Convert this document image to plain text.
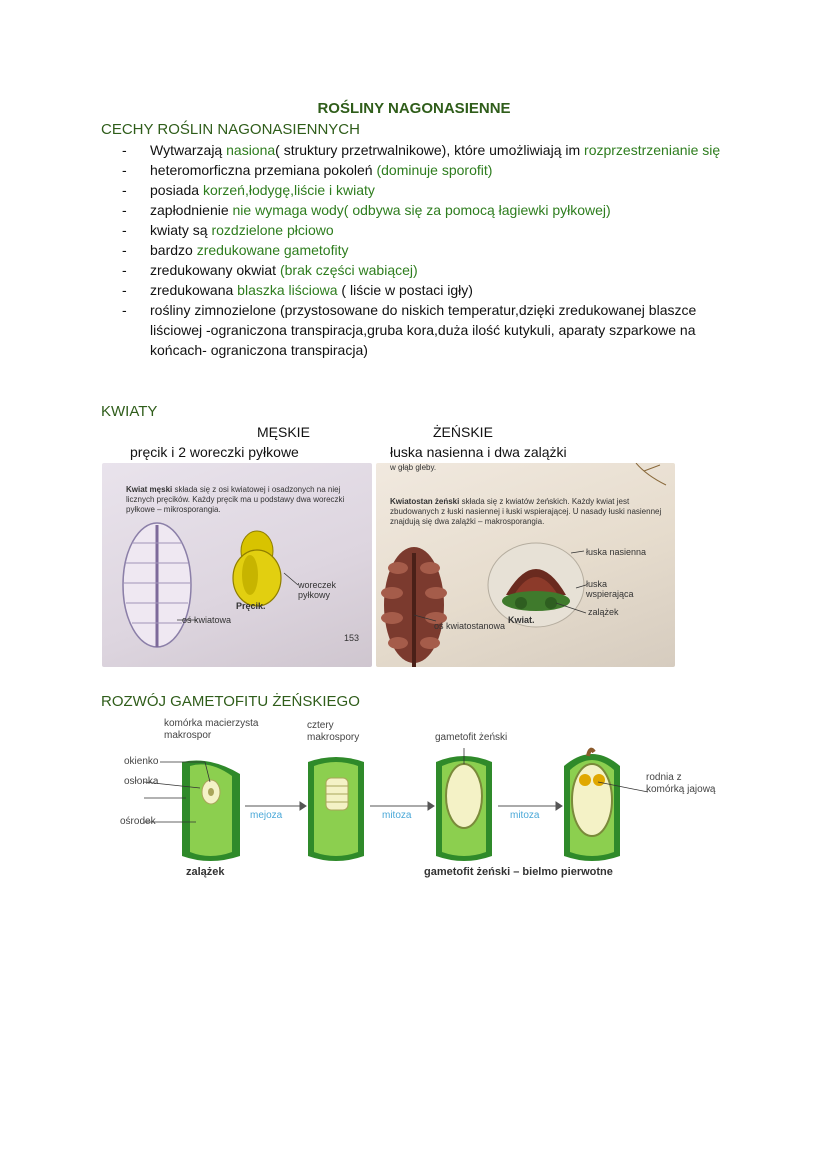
ROŚLINY NAGONASIENNE
CECHY ROŚLIN NAGONASIENNYCH
- Wytwarzają nasiona( struktury przetrwalnikowe), które umożliwiają im rozprzestrzenianie się
- heteromorficzna przemiana pokoleń (dominuje sporofit)
- posiada korzeń,łodygę,liście i kwiaty
- zapłodnienie nie wymaga wody( odbywa się za pomocą łagiewki pyłkowej)
- kwiaty są rozdzielone płciowo
- bardzo zredukowane gametofity
- zredukowany okwiat (brak części wabiącej)
- zredukowana blaszka liściowa ( liście w postaci igły)
- rośliny zimnozielone (przystosowane do niskich temperatur,dzięki zredukowanej blaszce liściowej -ograniczona transpiracja,gruba kora,duża ilość kutykuli, aparaty szparkowe na końcach- ograniczona transpiracja)
KWIATY
MĘSKIE	ŻEŃSKIE
pręcik i 2 woreczki pyłkowe	łuska nasienna i dwa zalążki
Kwiat męski składa się z osi kwiatowej i osadzonych na niej licznych pręcików. Każdy pręcik ma u podstawy dwa woreczki pyłkowe – mikrosporangia.
Pręcik.
woreczek pyłkowy
oś kwiatowa
153
w głąb gleby.
Kwiatostan żeński składa się z kwiatów żeńskich. Każdy kwiat jest zbudowanych z łuski nasiennej i łuski wspierającej. U nasady łuski nasiennej znajdują się dwa zalążki – makrosporangia.
łuska nasienna
łuska wspierająca
zalążek
Kwiat.
oś kwiatostanowa
ROZWÓJ GAMETOFITU ŻEŃSKIEGO
komórka macierzysta makrospor
okienko
osłonka
ośrodek
cztery makrospory	gametofit żeński
rodnia z komórką jajową
mejoza	mitoza	mitoza
zalążek	gametofit żeński – bielmo pierwotne
